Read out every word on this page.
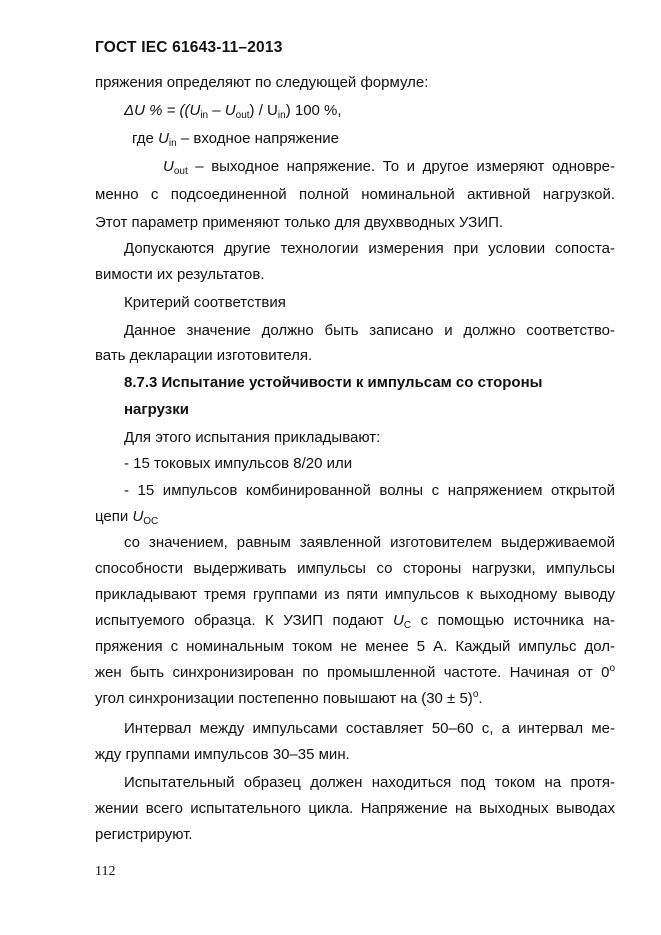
ГОСТ IEC 61643-11–2013
пряжения определяют по следующей формуле:
ΔU % = $((U_{in} - U_{out}) / U_{in})$ 100 %,
где $U_{in}$ – входное напряжение
$U_{out}$ – выходное напряжение. То и другое измеряют одновре-
менно с подсоединенной полной номинальной активной нагрузкой.
Этот параметр применяют только для двухвводных УЗИП.
Допускаются другие технологии измерения при условии сопоста-
вимости их результатов.
Критерий соответствия
Данное значение должно быть записано и должно соответство-
вать декларации изготовителя.
8.7.3 Испытание устойчивости к импульсам со стороны
нагрузки
Для этого испытания прикладывают:
- 15 токовых импульсов 8/20 или
- 15 импульсов комбинированной волны с напряжением открытой
цепи $U_{OC}$
со значением, равным заявленной изготовителем выдерживаемой
способности выдерживать импульсы со стороны нагрузки, импульсы
прикладывают тремя группами из пяти импульсов к выходному выводу
испытуемого образца. К УЗИП подают $U_C$ с помощью источника на-
пряжения с номинальным током не менее 5 А. Каждый импульс дол-
жен быть синхронизирован по промышленной частоте. Начиная от 0$^o$
угол синхронизации постепенно повышают на $(30 \pm 5)^o$.
Интервал между импульсами составляет 50–60 с, а интервал ме-
жду группами импульсов 30–35 мин.
Испытательный образец должен находиться под током на протя-
жении всего испытательного цикла. Напряжение на выходных выводах
регистрируют.
112
